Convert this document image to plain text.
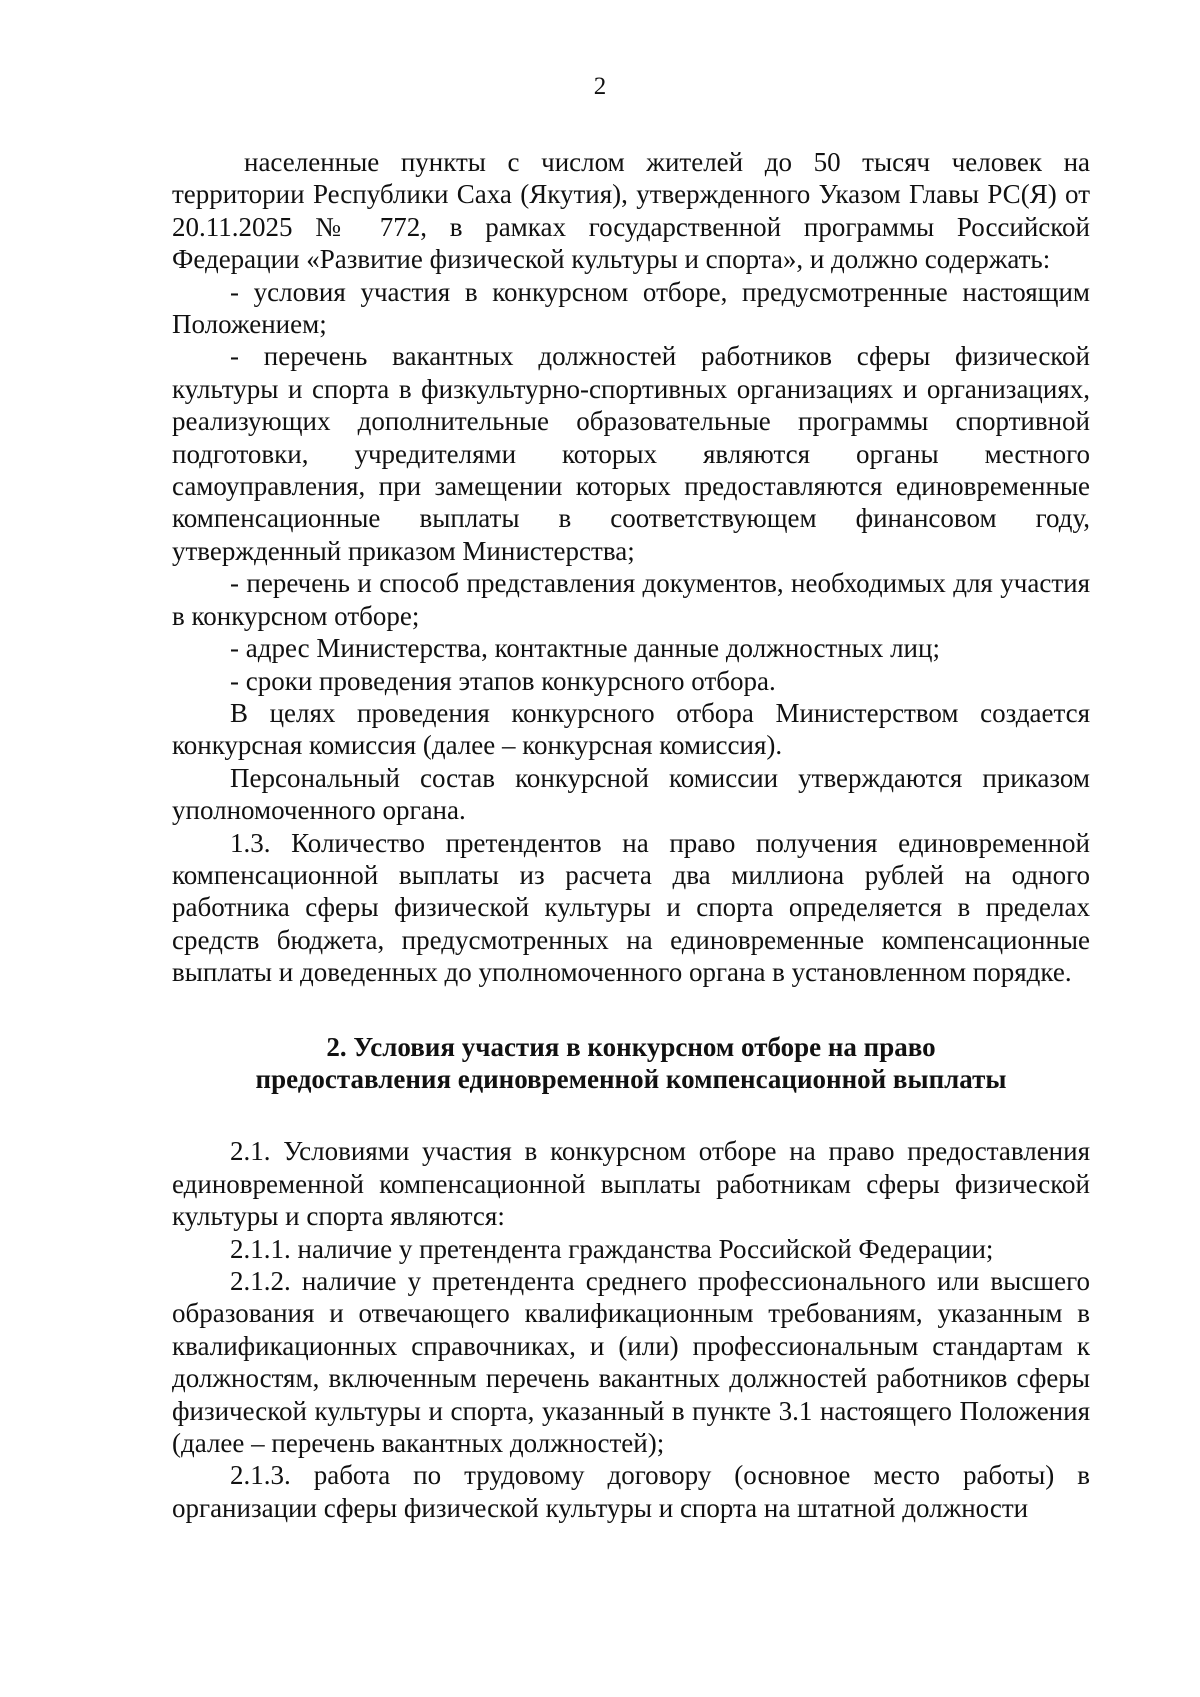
2

населенные пункты с числом жителей до 50 тысяч человек на территории Республики Саха (Якутия), утвержденного Указом Главы РС(Я) от 20.11.2025 № 772, в рамках государственной программы Российской Федерации «Развитие физической культуры и спорта», и должно содержать:

- условия участия в конкурсном отборе, предусмотренные настоящим Положением;

- перечень вакантных должностей работников сферы физической культуры и спорта в физкультурно-спортивных организациях и организациях, реализующих дополнительные образовательные программы спортивной подготовки, учредителями которых являются органы местного самоуправления, при замещении которых предоставляются единовременные компенсационные выплаты в соответствующем финансовом году, утвержденный приказом Министерства;

- перечень и способ представления документов, необходимых для участия в конкурсном отборе;

- адрес Министерства, контактные данные должностных лиц;

- сроки проведения этапов конкурсного отбора.

В целях проведения конкурсного отбора Министерством создается конкурсная комиссия (далее – конкурсная комиссия).

Персональный состав конкурсной комиссии утверждаются приказом уполномоченного органа.

1.3. Количество претендентов на право получения единовременной компенсационной выплаты из расчета два миллиона рублей на одного работника сферы физической культуры и спорта определяется в пределах средств бюджета, предусмотренных на единовременные компенсационные выплаты и доведенных до уполномоченного органа в установленном порядке.

2. Условия участия в конкурсном отборе на право
предоставления единовременной компенсационной выплаты

2.1. Условиями участия в конкурсном отборе на право предоставления единовременной компенсационной выплаты работникам сферы физической культуры и спорта являются:

2.1.1. наличие у претендента гражданства Российской Федерации;

2.1.2. наличие у претендента среднего профессионального или высшего образования и отвечающего квалификационным требованиям, указанным в квалификационных справочниках, и (или) профессиональным стандартам к должностям, включенным перечень вакантных должностей работников сферы физической культуры и спорта, указанный в пункте 3.1 настоящего Положения (далее – перечень вакантных должностей);

2.1.3. работа по трудовому договору (основное место работы) в организации сферы физической культуры и спорта на штатной должности
